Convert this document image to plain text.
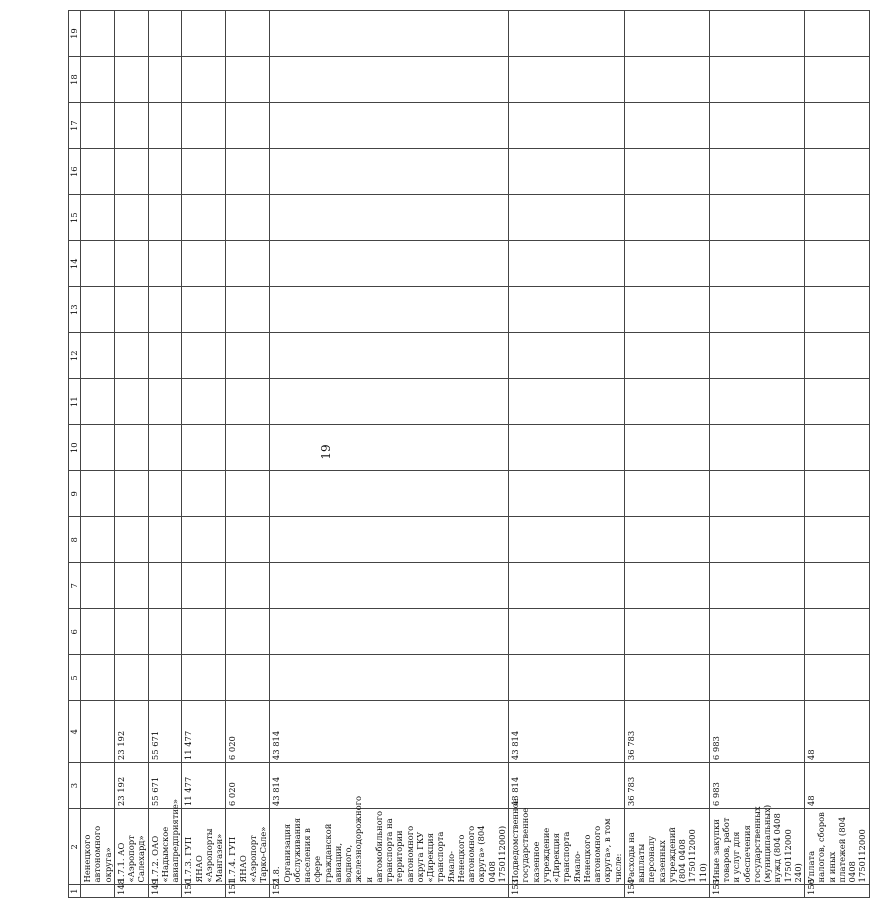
19
1	2	3	4	5	6	7	8	9	10	11	12	13	14	15	16	17	18	19
	Ненецкого автономного округа»																	
148	1.7.1. АО «Аэропорт Салехард»	23 192	23 192															
149	1.7.2. ОАО «Надымское авиапредприятие»	55 671	55 671															
150	1.7.3. ГУП ЯНАО «Аэропорты Мангазеи»	11 477	11 477															
151	1.7.4. ГУП ЯНАО «Аэропорт Тарко-Сале»	6 020	6 020															
152	1.8. Организация обслуживания населения в сфере гражданской авиации, водного, железнодорожного и автомобильного транспорта на территории автономного округа ГКУ «Дирекция транспорта Ямало-Ненецкого автономного округа» (804 0408 1750112000)	43 814	43 814															
153	Подведомственное государственное казенное учреждение «Дирекция транспорта Ямало-Ненецкого автономного округа», в том числе:	43 814	43 814															
154	Расходы на выплаты персоналу казенных учреждений (804 0408 1750112000 110)	36 783	36 783															
155	Иные закупки товаров, работ и услуг для обеспечения государственных (муниципальных) нужд (804 0408 1750112000 240)	6 983	6 983															
156	Уплата налогов, сборов и иных платежей (804 0408 1750112000	48	48															
